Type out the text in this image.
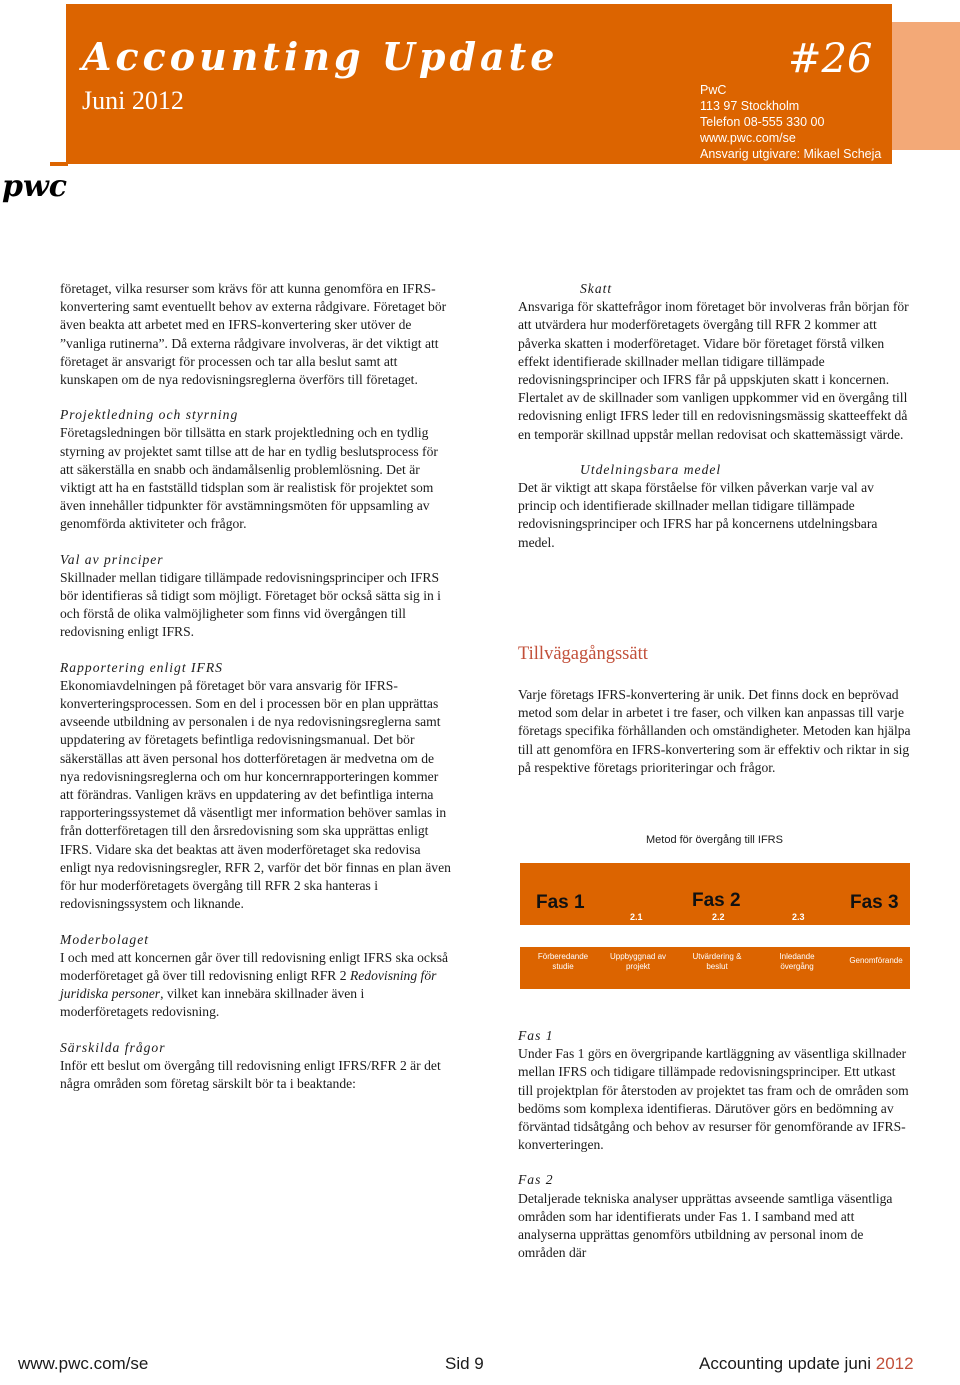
Accounting Update	#26
Juni 2012	PwC
113 97 Stockholm
Telefon 08-555 330 00
www.pwc.com/se
Ansvarig utgivare: Mikael Scheja
pwc

företaget, vilka resurser som krävs för att kunna genomföra en IFRS-konvertering samt eventuellt behov av externa rådgivare. Företaget bör även beakta att arbetet med en IFRS-konvertering sker utöver de ”vanliga rutinerna”. Då externa rådgivare involveras, är det viktigt att företaget är ansvarigt för processen och tar alla beslut samt att kunskapen om de nya redovisningsreglerna överförs till företaget.

Projektledning och styrning

Företagsledningen bör tillsätta en stark projektledning och en tydlig styrning av projektet samt tillse att de har en tydlig beslutsprocess för att säkerställa en snabb och ändamålsenlig problemlösning. Det är viktigt att ha en fastställd tidsplan som är realistisk för projektet som även innehåller tidpunkter för avstämningsmöten för uppsamling av genomförda aktiviteter och frågor.

Val av principer

Skillnader mellan tidigare tillämpade redovisningsprinciper och IFRS bör identifieras så tidigt som möjligt. Företaget bör också sätta sig in i och förstå de olika valmöjligheter som finns vid övergången till redovisning enligt IFRS.

Rapportering enligt IFRS

Ekonomiavdelningen på företaget bör vara ansvarig för IFRS-konverteringsprocessen. Som en del i processen bör en plan upprättas avseende utbildning av personalen i de nya redovisningsreglerna samt uppdatering av företagets befintliga redovisningsmanual. Det bör säkerställas att även personal hos dotterföretagen är medvetna om de nya redovisningsreglerna och om hur koncernrapporteringen kommer att förändras. Vanligen krävs en uppdatering av det befintliga interna rapporteringssystemet då väsentligt mer information behöver samlas in från dotterföretagen till den årsredovisning som ska upprättas enligt IFRS. Vidare ska det beaktas att även moderföretaget ska redovisa enligt nya redovisningsregler, RFR 2, varför det bör finnas en plan även för hur moderföretagets övergång till RFR 2 ska hanteras i redovisningssystem och liknande.

Moderbolaget

I och med att koncernen går över till redovisning enligt IFRS ska också moderföretaget gå över till redovisning enligt RFR 2 Redovisning för juridiska personer, vilket kan innebära skillnader även i moderföretagets redovisning.

Särskilda frågor

Inför ett beslut om övergång till redovisning enligt IFRS/RFR 2 är det några områden som företag särskilt bör ta i beaktande:

Skatt

Ansvariga för skattefrågor inom företaget bör involveras från början för att utvärdera hur moderföretagets övergång till RFR 2 kommer att påverka skatten i moderföretaget. Vidare bör företaget förstå vilken effekt identifierade skillnader mellan tidigare tillämpade redovisningsprinciper och IFRS får på uppskjuten skatt i koncernen. Flertalet av de skillnader som vanligen uppkommer vid en övergång till redovisning enligt IFRS leder till en redovisningsmässig skatteeffekt då en temporär skillnad uppstår mellan redovisat och skattemässigt värde.

Utdelningsbara medel

Det är viktigt att skapa förståelse för vilken påverkan varje val av princip och identifierade skillnader mellan tidigare tillämpade redovisningsprinciper och IFRS har på koncernens utdelningsbara medel.

Tillvägagångssätt

Varje företags IFRS-konvertering är unik. Det finns dock en beprövad metod som delar in arbetet i tre faser, och vilken kan anpassas till varje företags specifika förhållanden och omständigheter. Metoden kan hjälpa till att genomföra en IFRS-konvertering som är effektiv och riktar in sig på respektive företags prioriteringar och frågor.

Metod för övergång till IFRS
Fas 1	Fas 2	Fas 3
2.1	2.2	2.3
Förberedande studie
Uppbyggnad av projekt
Utvärdering & beslut
Inledande övergång
Genomförande
Fas 1

Under Fas 1 görs en övergripande kartläggning av väsentliga skillnader mellan IFRS och tidigare tillämpade redovisningsprinciper. Ett utkast till projektplan för återstoden av projektet tas fram och de områden som bedöms som komplexa identifieras. Därutöver görs en bedömning av förväntad tidsåtgång och behov av resurser för genomförande av IFRS-konverteringen.

Fas 2

Detaljerade tekniska analyser upprättas avseende samtliga väsentliga områden som har identifierats under Fas 1. I samband med att analyserna upprättas genomförs utbildning av personal inom de områden där

www.pwc.com/se	Sid 9	Accounting update juni 2012
